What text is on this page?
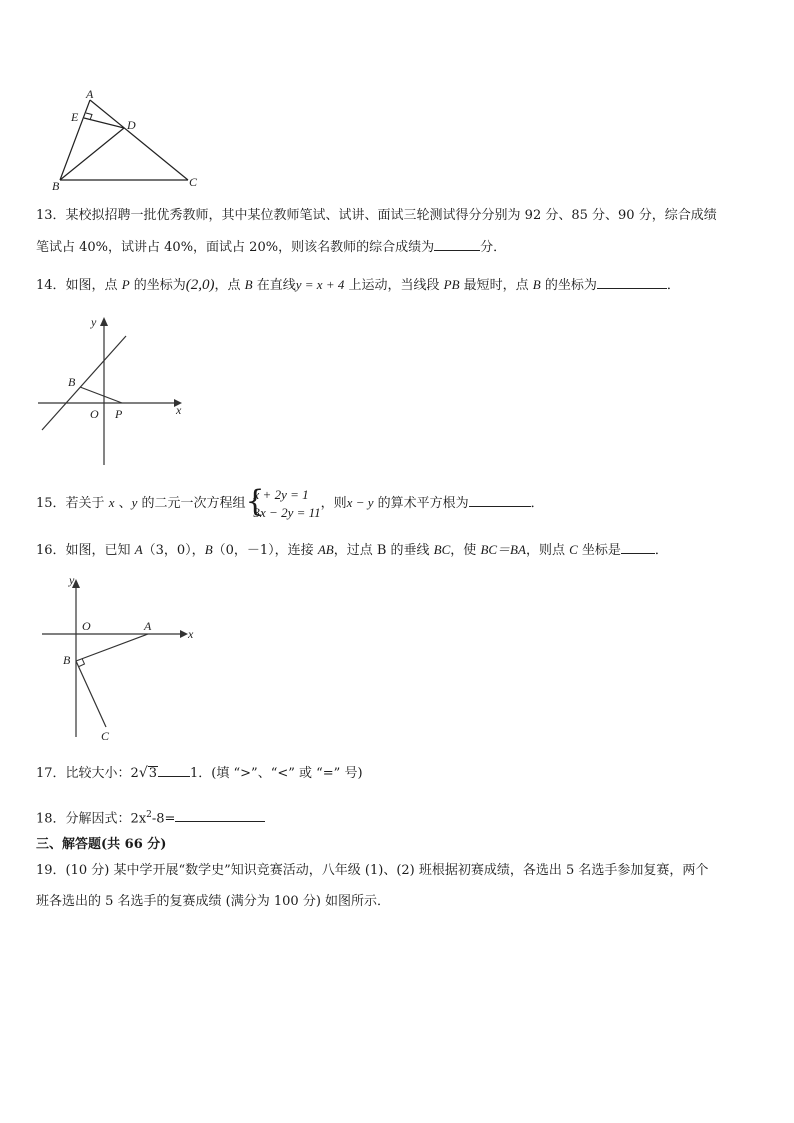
A
E
D
B	C
13．某校拟招聘一批优秀教师，其中某位教师笔试、试讲、面试三轮测试得分分别为 92 分、85 分、90 分，综合成绩
笔试占 40%，试讲占 40%，面试占 20%，则该名教师的综合成绩为	分．
14．如图，点 P 的坐标为(2,0)，点 B 在直线y = x + 4 上运动，当线段 PB 最短时，点 B 的坐标为	．
y
B
O P	x
15．若关于 x 、y 的二元一次方程组 {
x + 2y = 1
3x − 2y = 11
，则x − y 的算术平方根为	．
16．如图，已知 A（3，0），B（0，－1），连接 AB，过点 B 的垂线 BC，使 BC＝BA，则点 C 坐标是	．
y
O	A
x
B
C
17．比较大小：2√3	1．(填 “>”、“<” 或 “=” 号)
18．分解因式：$2x^2-8=$
三、解答题(共 66 分)
19．(10 分) 某中学开展“数学史”知识竞赛活动，八年级 (1)、(2) 班根据初赛成绩，各选出 5 名选手参加复赛，两个
班各选出的 5 名选手的复赛成绩 (满分为 100 分) 如图所示．
